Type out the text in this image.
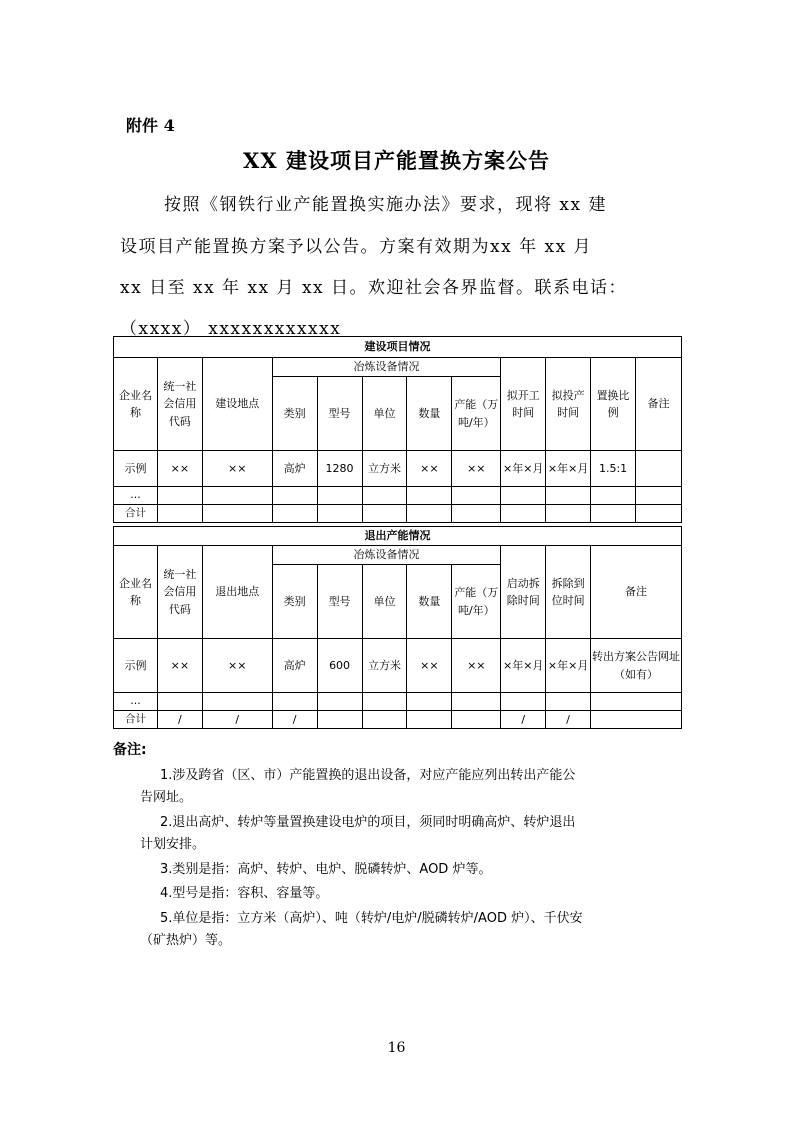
附件 4
XX 建设项目产能置换方案公告
按照《钢铁行业产能置换实施办法》要求，现将 xx 建
设项目产能置换方案予以公告。方案有效期为xx 年 xx 月
xx 日至 xx 年 xx 月 xx 日。欢迎社会各界监督。联系电话：
（xxxx） xxxxxxxxxxxx
建设项目情况											
企业名称	统一社会信用代码	建设地点	冶炼设备情况					拟开工时间	拟投产时间	置换比例	备注
			类别	型号	单位	数量	产能（万吨/年）				
示例	××	××	高炉	1280	立方米	××	××	×年×月	×年×月	1.5:1	
…											
合计											
退出产能情况										
企业名称	统一社会信用代码	退出地点	冶炼设备情况					启动拆除时间	拆除到位时间	备注
			类别	型号	单位	数量	产能（万吨/年）			
示例	××	××	高炉	600	立方米	××	××	×年×月	×年×月	转出方案公告网址（如有）
…										
合计	/	/	/					/	/	
备注:
1.涉及跨省（区、市）产能置换的退出设备，对应产能应列出转出产能公
告网址。
2.退出高炉、转炉等量置换建设电炉的项目，须同时明确高炉、转炉退出
计划安排。
3.类别是指：高炉、转炉、电炉、脱磷转炉、AOD 炉等。
4.型号是指：容积、容量等。
5.单位是指：立方米（高炉）、吨（转炉/电炉/脱磷转炉/AOD 炉）、千伏安
（矿热炉）等。
16
